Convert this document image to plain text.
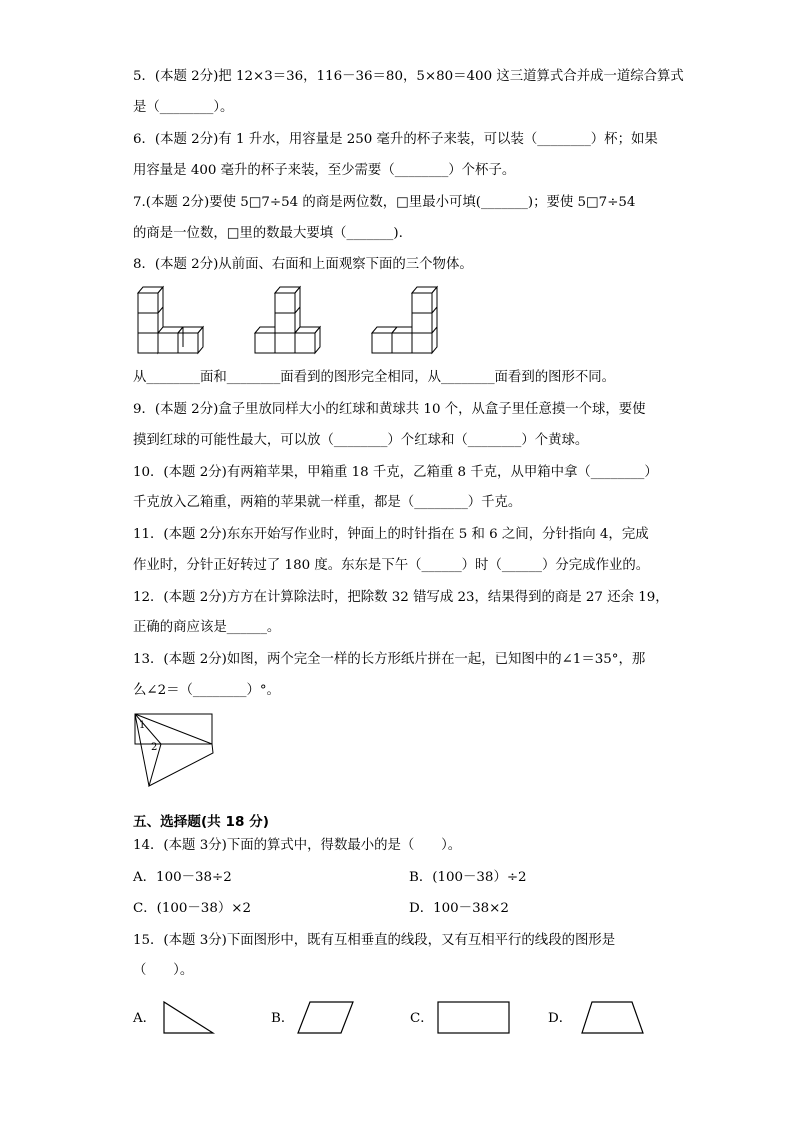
5．(本题 2分)把 12×3＝36，116－36＝80，5×80＝400 这三道算式合并成一道综合算式
是（________）。
6．(本题 2分)有 1 升水，用容量是 250 毫升的杯子来装，可以装（________）杯；如果
用容量是 400 毫升的杯子来装，至少需要（________）个杯子。
7.(本题 2分)要使 5□7÷54 的商是两位数，□里最小可填(_______)；要使 5□7÷54
的商是一位数，□里的数最大要填（_______).
8．(本题 2分)从前面、右面和上面观察下面的三个物体。
从________面和________面看到的图形完全相同，从________面看到的图形不同。
9．(本题 2分)盒子里放同样大小的红球和黄球共 10 个，从盒子里任意摸一个球，要使
摸到红球的可能性最大，可以放（________）个红球和（________）个黄球。
10．(本题 2分)有两箱苹果，甲箱重 18 千克，乙箱重 8 千克，从甲箱中拿（________）
千克放入乙箱重，两箱的苹果就一样重，都是（________）千克。
11．(本题 2分)东东开始写作业时，钟面上的时针指在 5 和 6 之间，分针指向 4，完成
作业时，分针正好转过了 180 度。东东是下午（______）时（______）分完成作业的。
12．(本题 2分)方方在计算除法时，把除数 32 错写成 23，结果得到的商是 27 还余 19，
正确的商应该是______。
13．(本题 2分)如图，两个完全一样的长方形纸片拼在一起，已知图中的∠1＝35°，那
么∠2＝（________）°。
1
2
五、选择题(共 18 分)
14．(本题 3分)下面的算式中，得数最小的是（　　）。
A．100－38÷2	B．(100－38）÷2
C．(100－38）×2	D．100－38×2
15．(本题 3分)下面图形中，既有互相垂直的线段，又有互相平行的线段的图形是
（　　）。
A．	B．	C．	D．
